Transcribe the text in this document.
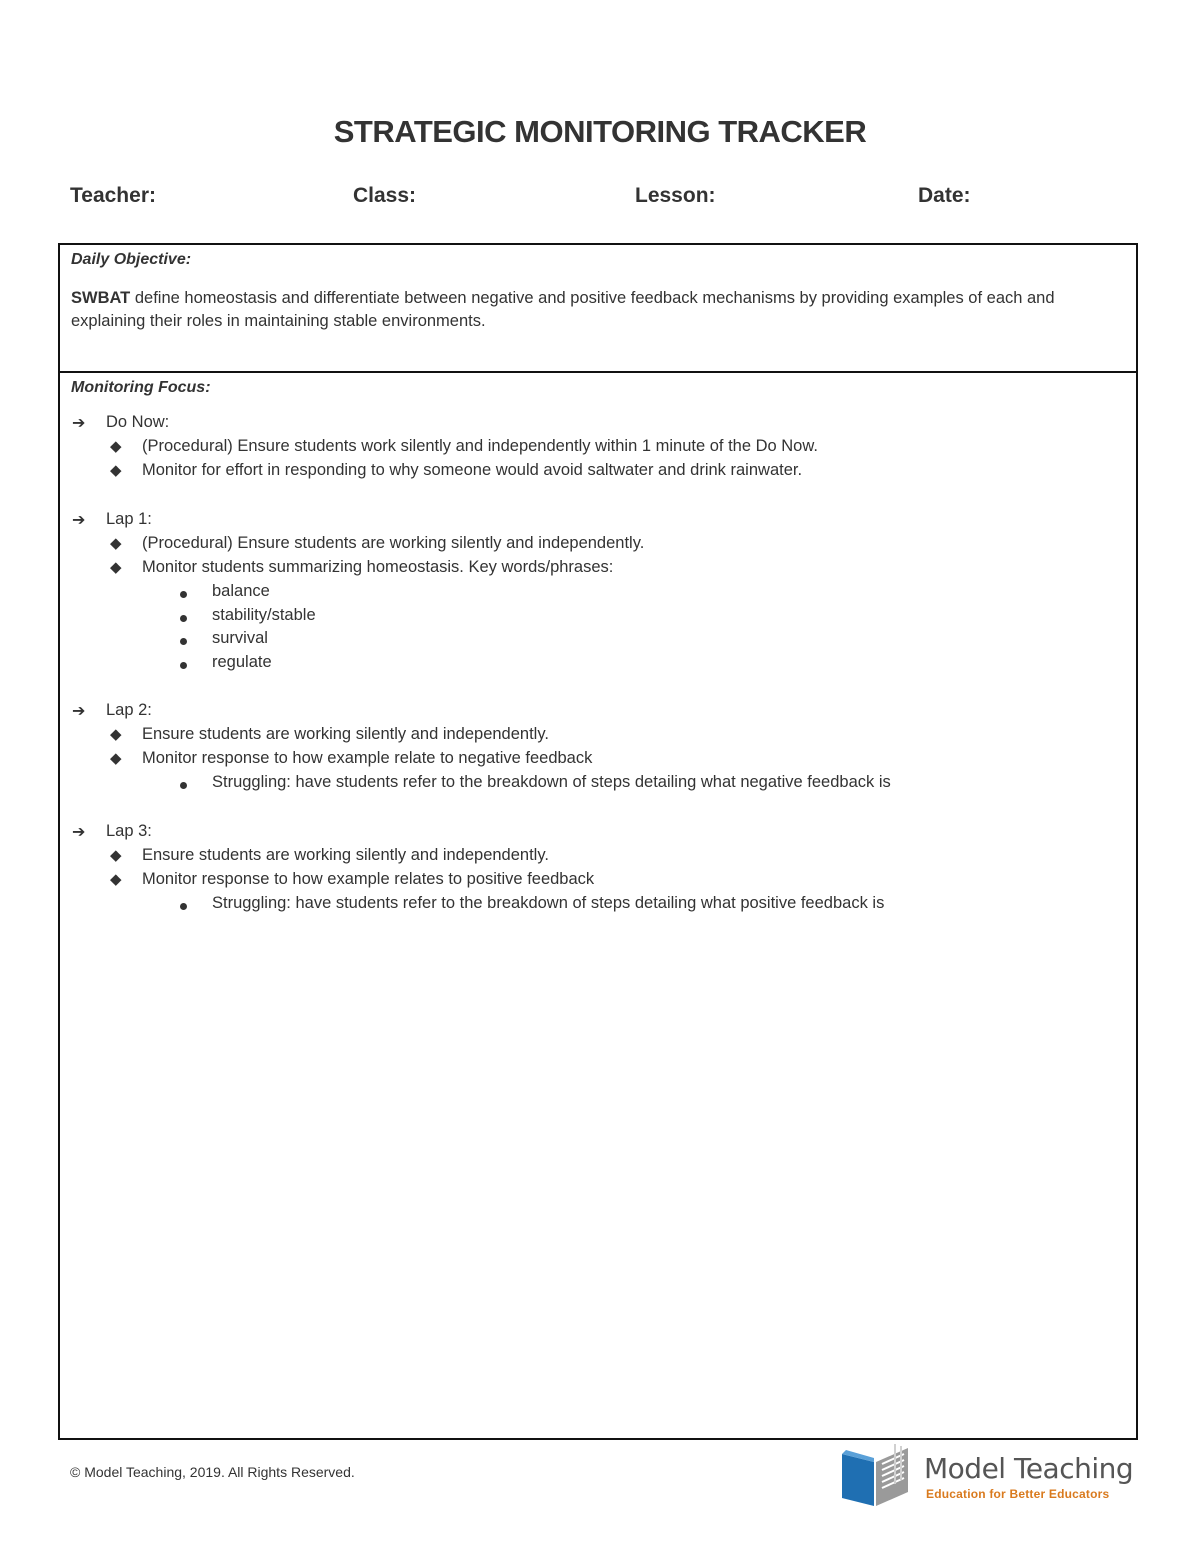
STRATEGIC MONITORING TRACKER
Teacher:	Class:	Lesson:	Date:
Daily Objective:
SWBAT define homeostasis and differentiate between negative and positive feedback mechanisms by providing examples of each and explaining their roles in maintaining stable environments.
Monitoring Focus:
➔ Do Now:
◆ (Procedural) Ensure students work silently and independently within 1 minute of the Do Now.
◆ Monitor for effort in responding to why someone would avoid saltwater and drink rainwater.
➔ Lap 1:
◆ (Procedural) Ensure students are working silently and independently.
◆ Monitor students summarizing homeostasis. Key words/phrases:
balance
stability/stable
survival
regulate
➔ Lap 2:
◆ Ensure students are working silently and independently.
◆ Monitor response to how example relate to negative feedback
Struggling: have students refer to the breakdown of steps detailing what negative feedback is
➔ Lap 3:
◆ Ensure students are working silently and independently.
◆ Monitor response to how example relates to positive feedback
Struggling: have students refer to the breakdown of steps detailing what positive feedback is
© Model Teaching, 2019. All Rights Reserved.	Model Teaching
Education for Better Educators
